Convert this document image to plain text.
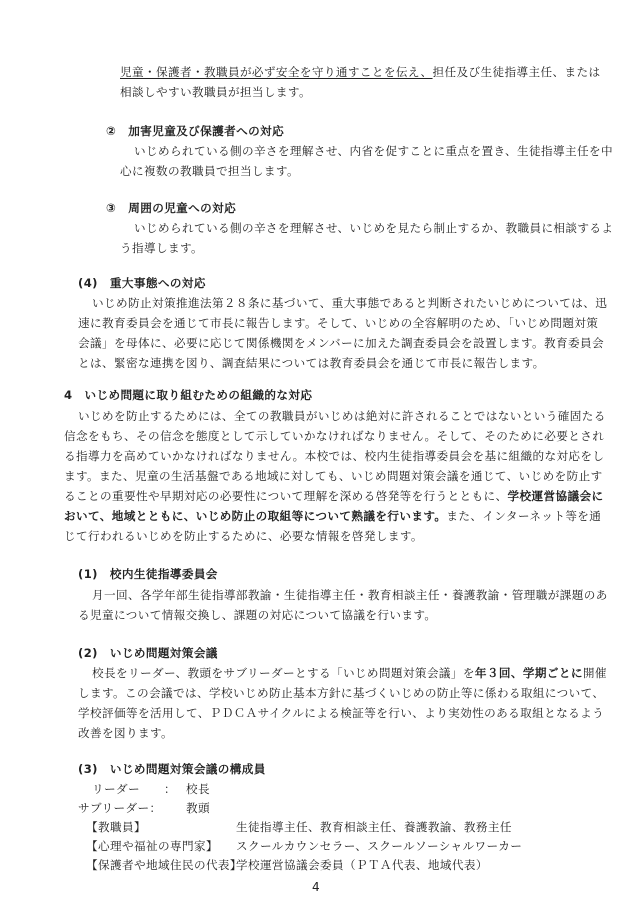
児童・保護者・教職員が必ず安全を守り通すことを伝え、担任及び生徒指導主任、または
相談しやすい教職員が担当します。
②　加害児童及び保護者への対応
いじめられている側の辛さを理解させ、内省を促すことに重点を置き、生徒指導主任を中
心に複数の教職員で担当します。
③　周囲の児童への対応
いじめられている側の辛さを理解させ、いじめを見たら制止するか、教職員に相談するよ
う指導します。
(4)　重大事態への対応
いじめ防止対策推進法第２８条に基づいて、重大事態であると判断されたいじめについては、迅
速に教育委員会を通じて市長に報告します。そして、いじめの全容解明のため、「いじめ問題対策
会議」を母体に、必要に応じて関係機関をメンバーに加えた調査委員会を設置します。教育委員会
とは、緊密な連携を図り、調査結果については教育委員会を通じて市長に報告します。
4　いじめ問題に取り組むための組織的な対応
いじめを防止するためには、全ての教職員がいじめは絶対に許されることではないという確固たる
信念をもち、その信念を態度として示していかなければなりません。そして、そのために必要とされ
る指導力を高めていかなければなりません。本校では、校内生徒指導委員会を基に組織的な対応をし
ます。また、児童の生活基盤である地域に対しても、いじめ問題対策会議を通じて、いじめを防止す
ることの重要性や早期対応の必要性について理解を深める啓発等を行うとともに、学校運営協議会に
おいて、地域とともに、いじめ防止の取組等について熟議を行います。また、インターネット等を通
じて行われるいじめを防止するために、必要な情報を啓発します。
(1)　校内生徒指導委員会
月一回、各学年部生徒指導部教諭・生徒指導主任・教育相談主任・養護教諭・管理職が課題のあ
る児童について情報交換し、課題の対応について協議を行います。
(2)　いじめ問題対策会議
校長をリーダー、教頭をサブリーダーとする「いじめ問題対策会議」を年３回、学期ごとに開催
します。この会議では、学校いじめ防止基本方針に基づくいじめの防止等に係わる取組について、
学校評価等を活用して、ＰＤＣＡサイクルによる検証等を行い、より実効性のある取組となるよう
改善を図ります。
(3)　いじめ問題対策会議の構成員
リーダー　　： 校長
サブリーダー： 教頭
【教職員】	生徒指導主任、教育相談主任、養護教諭、教務主任
【心理や福祉の専門家】 スクールカウンセラー、スクールソーシャルワーカー
【保護者や地域住民の代表】
学校運営協議会委員（ＰＴＡ代表、地域代表）
4
